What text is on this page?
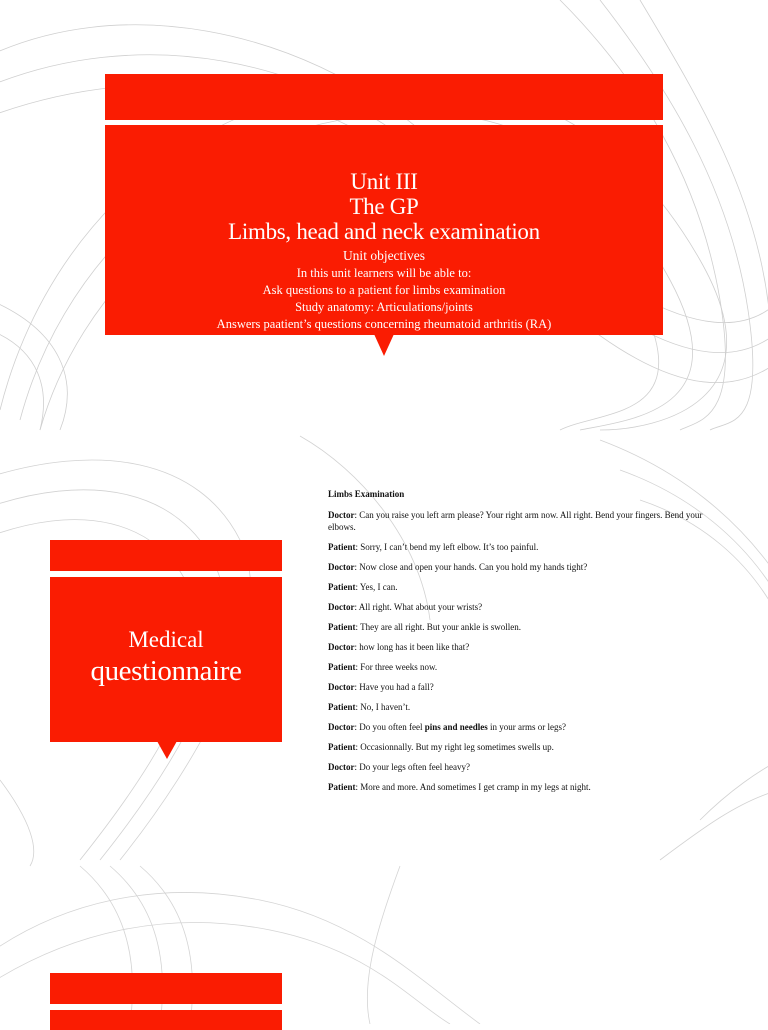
Unit III
The GP
Limbs, head and neck examination
Unit objectives
In this unit learners will be able to:
Ask questions to a patient for limbs examination
Study anatomy: Articulations/joints
Answers paatient’s questions concerning rheumatoid arthritis (RA)
ns, l
Medical
questionnaire
Limbs Examination

Doctor: Can you raise you left arm please? Your right arm now. All right. Bend your fingers. Bend your elbows.

Patient: Sorry, I can’t bend my left elbow. It’s too painful.

Doctor: Now close and open your hands. Can you hold my hands tight?

Patient: Yes, I can.

Doctor: All right. What about your wrists?

Patient: They are all right. But your ankle is swollen.

Doctor: how long has it been like that?

Patient: For three weeks now.

Doctor: Have you had a fall?

Patient: No, I haven’t.

Doctor: Do you often feel pins and needles in your arms or legs?

Patient: Occasionnally. But my right leg sometimes swells up.

Doctor: Do your legs often feel heavy?

Patient: More and more. And sometimes I get cramp in my legs at night.
